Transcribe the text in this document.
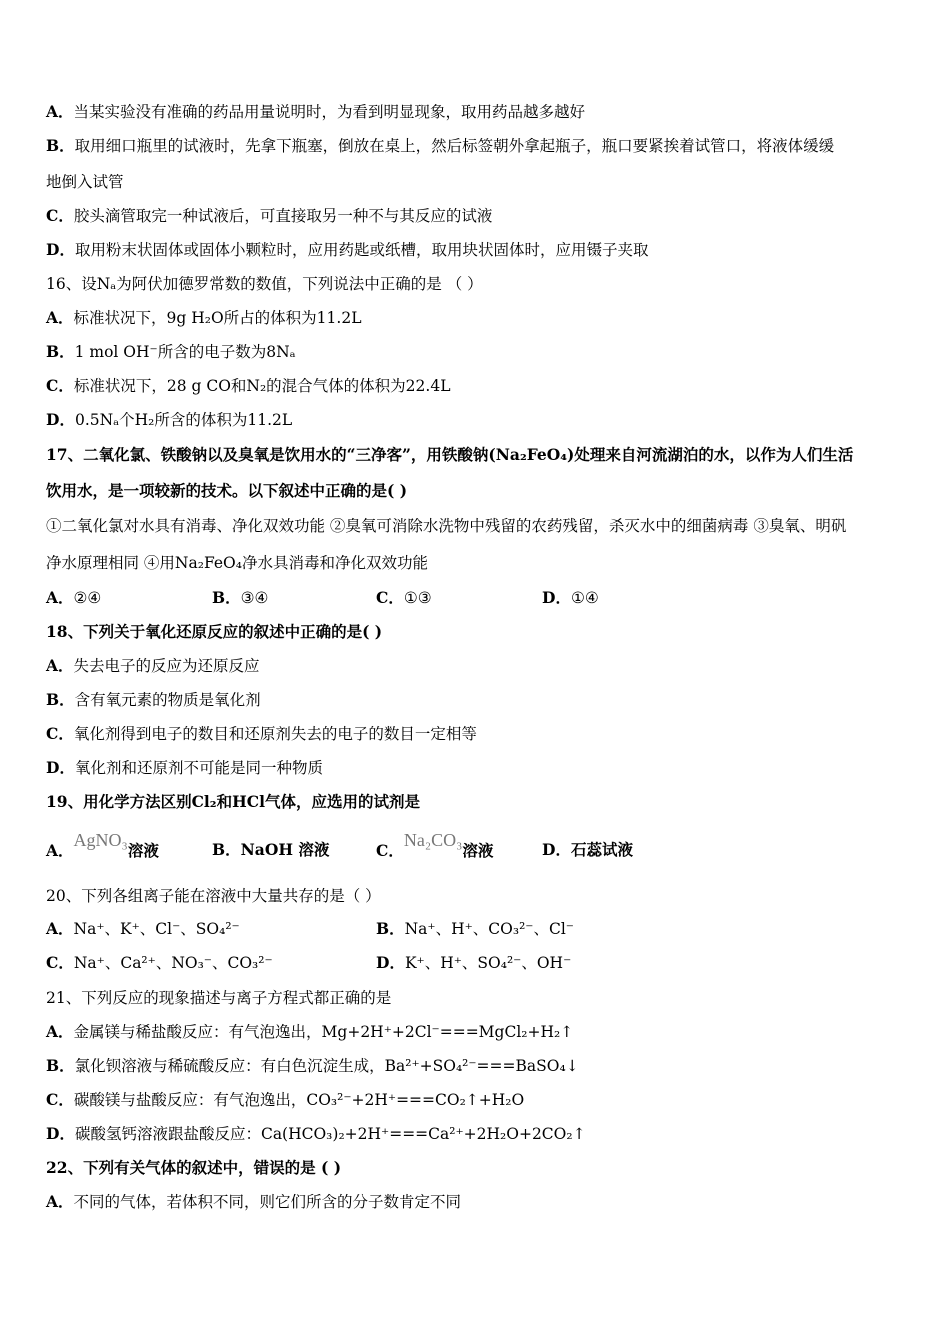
A．当某实验没有准确的药品用量说明时，为看到明显现象，取用药品越多越好
B．取用细口瓶里的试液时，先拿下瓶塞，倒放在桌上，然后标签朝外拿起瓶子，瓶口要紧挨着试管口，将液体缓缓
地倒入试管
C．胶头滴管取完一种试液后，可直接取另一种不与其反应的试液
D．取用粉末状固体或固体小颗粒时，应用药匙或纸槽，取用块状固体时，应用镊子夹取
16、设Nₐ为阿伏加德罗常数的数值，下列说法中正确的是 （ ）
A．标准状况下，9g H₂O所占的体积为11.2L
B．1 mol OH⁻所含的电子数为8Nₐ
C．标准状况下，28 g CO和N₂的混合气体的体积为22.4L
D．0.5Nₐ个H₂所含的体积为11.2L
17、二氧化氯、铁酸钠以及臭氧是饮用水的“三净客”，用铁酸钠(Na₂FeO₄)处理来自河流湖泊的水，以作为人们生活
饮用水，是一项较新的技术。以下叙述中正确的是( )
①二氧化氯对水具有消毒、净化双效功能 ②臭氧可消除水洗物中残留的农药残留，杀灭水中的细菌病毒 ③臭氧、明矾
净水原理相同 ④用Na₂FeO₄净水具消毒和净化双效功能
18、下列关于氧化还原反应的叙述中正确的是( )
A．失去电子的反应为还原反应
B．含有氧元素的物质是氧化剂
C．氧化剂得到电子的数目和还原剂失去的电子的数目一定相等
D．氧化剂和还原剂不可能是同一种物质
19、用化学方法区别Cl₂和HCl气体，应选用的试剂是
20、下列各组离子能在溶液中大量共存的是（ ）
21、下列反应的现象描述与离子方程式都正确的是
A．金属镁与稀盐酸反应：有气泡逸出，Mg+2H⁺+2Cl⁻===MgCl₂+H₂↑
B．氯化钡溶液与稀硫酸反应：有白色沉淀生成，Ba²⁺+SO₄²⁻===BaSO₄↓
C．碳酸镁与盐酸反应：有气泡逸出，CO₃²⁻+2H⁺===CO₂↑+H₂O
D．碳酸氢钙溶液跟盐酸反应：Ca(HCO₃)₂+2H⁺===Ca²⁺+2H₂O+2CO₂↑
22、下列有关气体的叙述中，错误的是 ( )
A．不同的气体，若体积不同，则它们所含的分子数肯定不同
A．②④	B．③④	C．①③	D．①④
A．AgNO₃溶液	B．NaOH 溶液	C．Na₂CO₃溶液	D．石蕊试液
A．Na⁺、K⁺、Cl⁻、SO₄²⁻	B．Na⁺、H⁺、CO₃²⁻、Cl⁻
C．Na⁺、Ca²⁺、NO₃⁻、CO₃²⁻	D．K⁺、H⁺、SO₄²⁻、OH⁻
